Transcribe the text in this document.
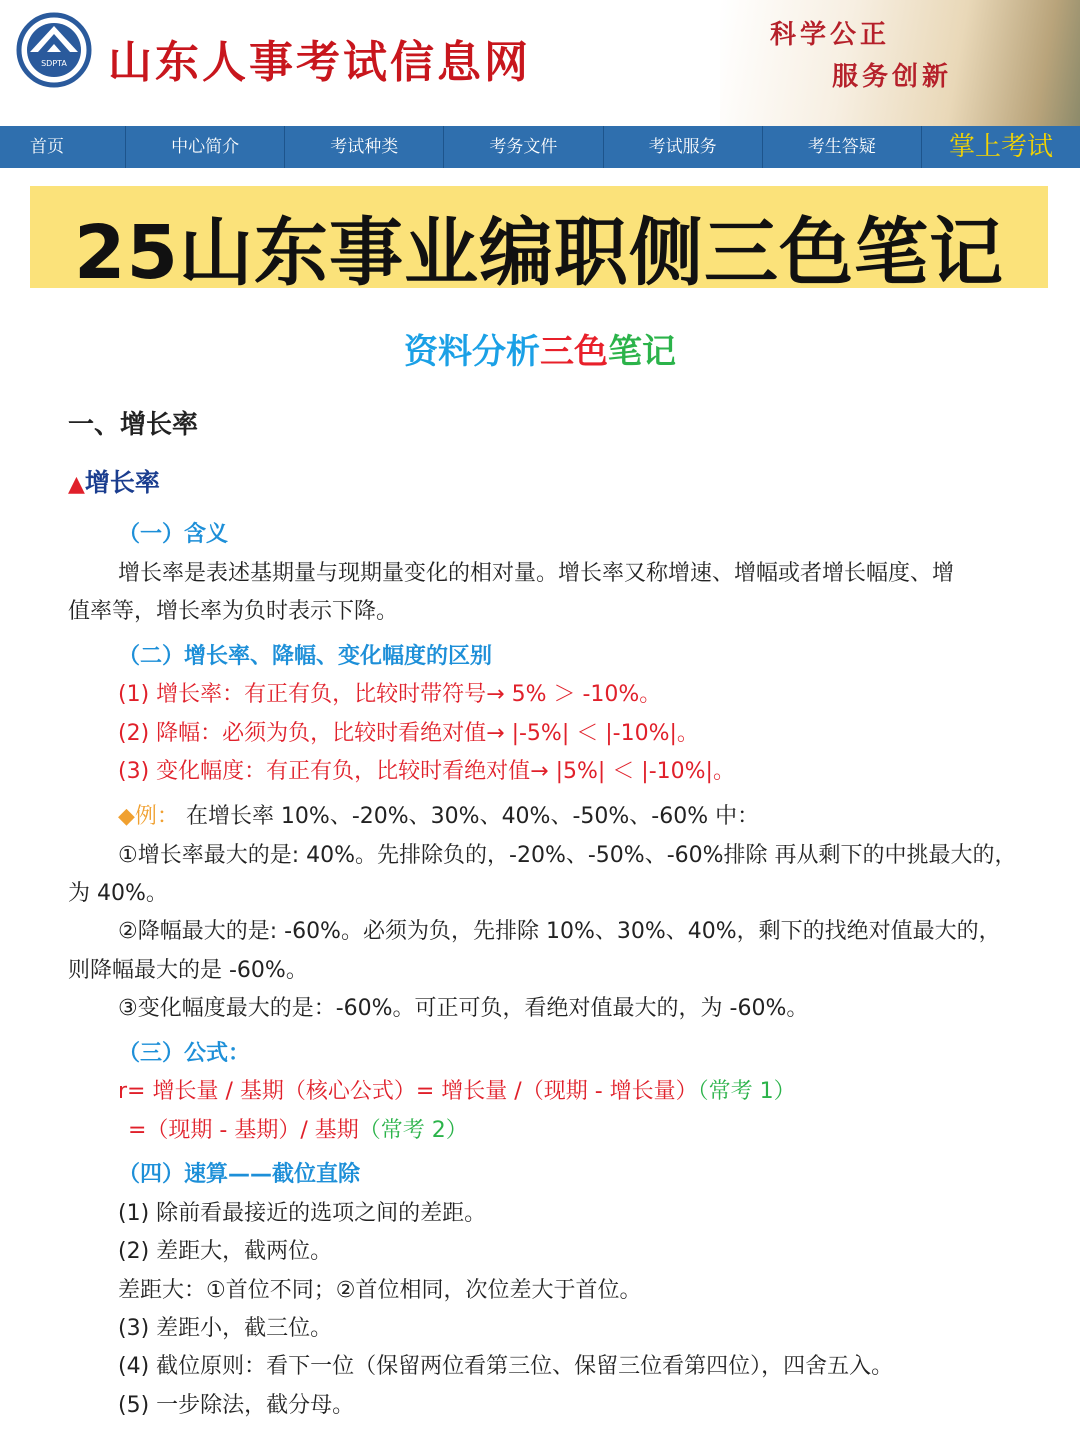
SDPTA 山东人事考试信息网
科学公正
服务创新
首页	中心简介	考试种类	考务文件	考试服务	考生答疑	掌上考试
25山东事业编职侧三色笔记
资料分析三色笔记
一、增长率
▲增长率
（一）含义
增长率是表述基期量与现期量变化的相对量。增长率又称增速、增幅或者增长幅度、增
值率等，增长率为负时表示下降。
（二）增长率、降幅、变化幅度的区别
(1) 增长率：有正有负，比较时带符号→ 5% ＞ -10%。
(2) 降幅：必须为负，比较时看绝对值→ |-5%| ＜ |-10%|。
(3) 变化幅度：有正有负，比较时看绝对值→ |5%| ＜ |-10%|。
◆例： 在增长率 10%、-20%、30%、40%、-50%、-60% 中：
①增长率最大的是: 40%。先排除负的，-20%、-50%、-60%排除 再从剩下的中挑最大的，
为 40%。
②降幅最大的是: -60%。必须为负，先排除 10%、30%、40%，剩下的找绝对值最大的，
则降幅最大的是 -60%。
③变化幅度最大的是：-60%。可正可负，看绝对值最大的，为 -60%。
（三）公式：
r= 增长量 / 基期（核心公式）= 增长量 /（现期 - 增长量）（常考 1）
=（现期 - 基期）/ 基期（常考 2）
（四）速算——截位直除
(1) 除前看最接近的选项之间的差距。
(2) 差距大，截两位。
差距大：①首位不同；②首位相同，次位差大于首位。
(3) 差距小，截三位。
(4) 截位原则：看下一位（保留两位看第三位、保留三位看第四位），四舍五入。
(5) 一步除法，截分母。
